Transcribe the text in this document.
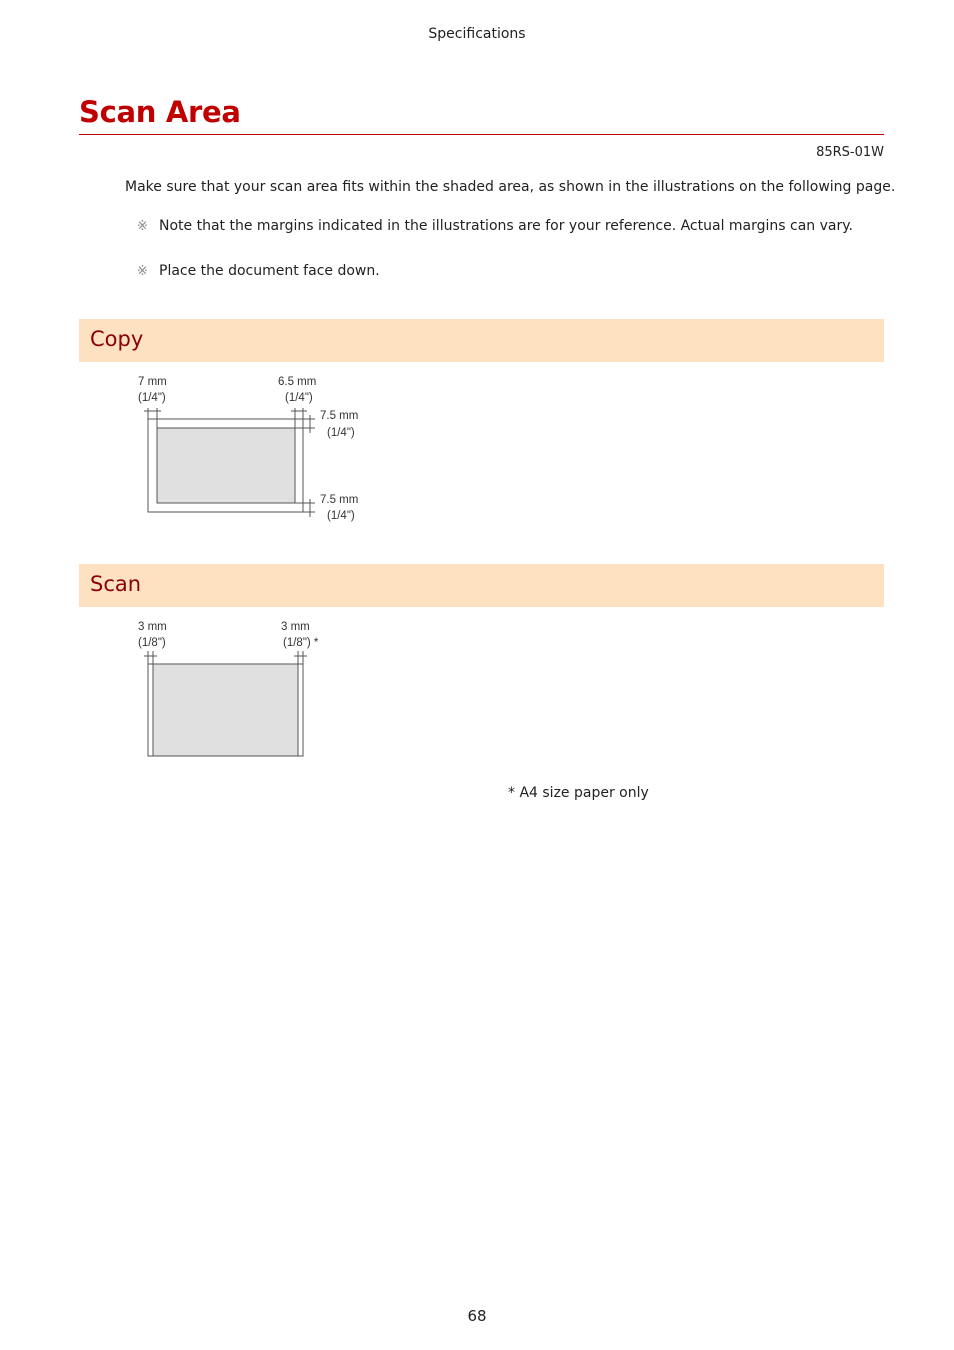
Specifications
Scan Area
85RS-01W
Make sure that your scan area fits within the shaded area, as shown in the illustrations on the following page.
※ Note that the margins indicated in the illustrations are for your reference. Actual margins can vary.
※ Place the document face down.
Copy
7 mm
(1/4")
6.5 mm
(1/4")
7.5 mm
(1/4")
7.5 mm
(1/4")
Scan
3 mm
(1/8")
3 mm
(1/8") *
* A4 size paper only
68
